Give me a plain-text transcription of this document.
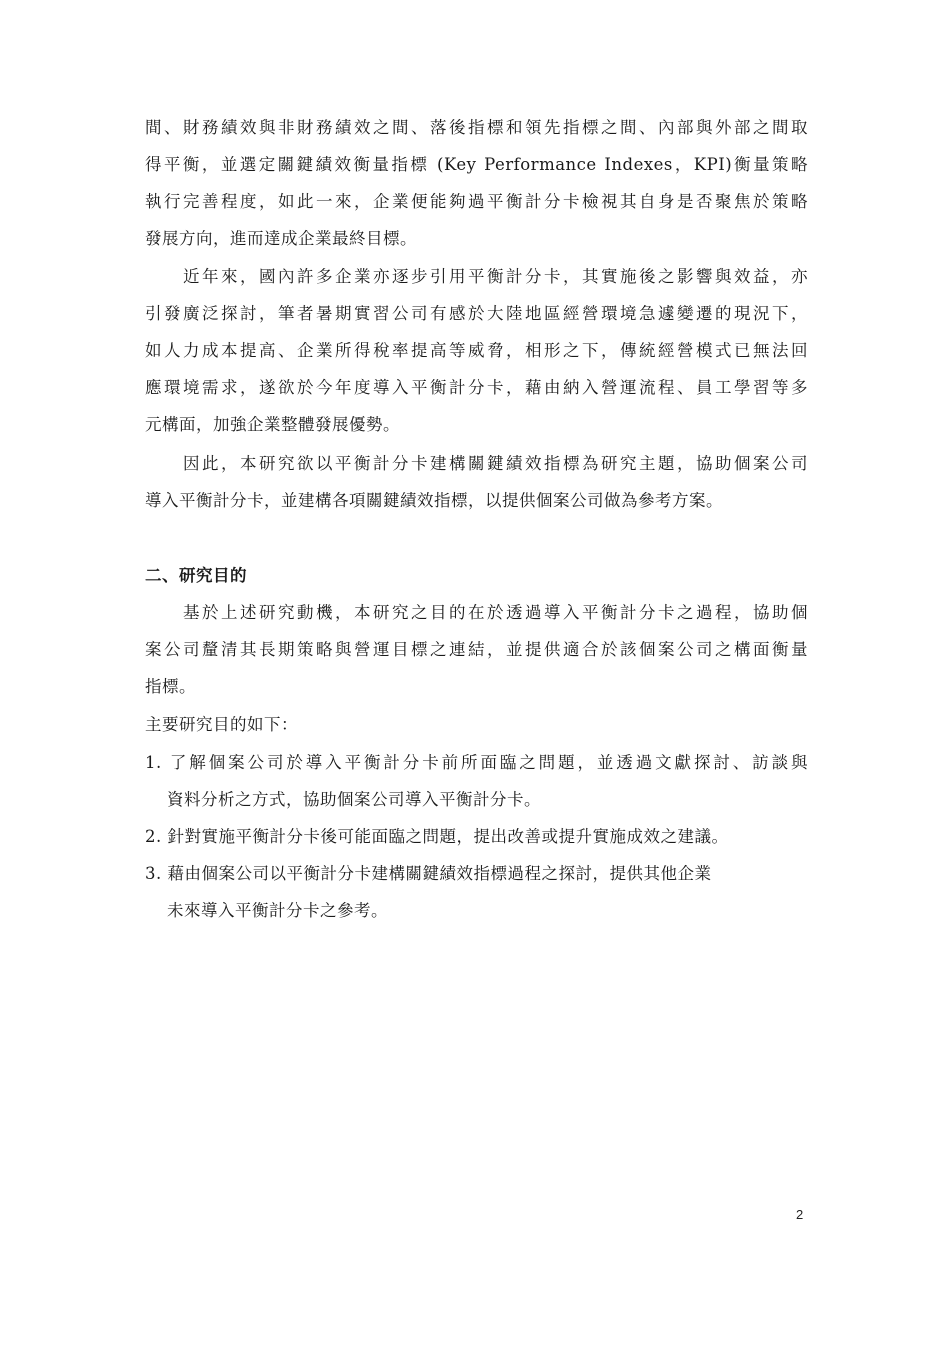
間、財務績效與非財務績效之間、落後指標和領先指標之間、內部與外部之間取
得平衡，並選定關鍵績效衡量指標 (Key Performance Indexes，KPI)衡量策略
執行完善程度，如此一來，企業便能夠過平衡計分卡檢視其自身是否聚焦於策略
發展方向，進而達成企業最終目標。
近年來，國內許多企業亦逐步引用平衡計分卡，其實施後之影響與效益，亦
引發廣泛探討，筆者暑期實習公司有感於大陸地區經營環境急遽變遷的現況下，
如人力成本提高、企業所得稅率提高等威脅，相形之下，傳統經營模式已無法回
應環境需求，遂欲於今年度導入平衡計分卡，藉由納入營運流程、員工學習等多
元構面，加強企業整體發展優勢。
因此，本研究欲以平衡計分卡建構關鍵績效指標為研究主題，協助個案公司
導入平衡計分卡，並建構各項關鍵績效指標，以提供個案公司做為參考方案。
二、研究目的
基於上述研究動機，本研究之目的在於透過導入平衡計分卡之過程，協助個
案公司釐清其長期策略與營運目標之連結，並提供適合於該個案公司之構面衡量
指標。
主要研究目的如下：
1. 了解個案公司於導入平衡計分卡前所面臨之問題，並透過文獻探討、訪談與
資料分析之方式，協助個案公司導入平衡計分卡。
2. 針對實施平衡計分卡後可能面臨之問題，提出改善或提升實施成效之建議。
3. 藉由個案公司以平衡計分卡建構關鍵績效指標過程之探討，提供其他企業
未來導入平衡計分卡之參考。
2
